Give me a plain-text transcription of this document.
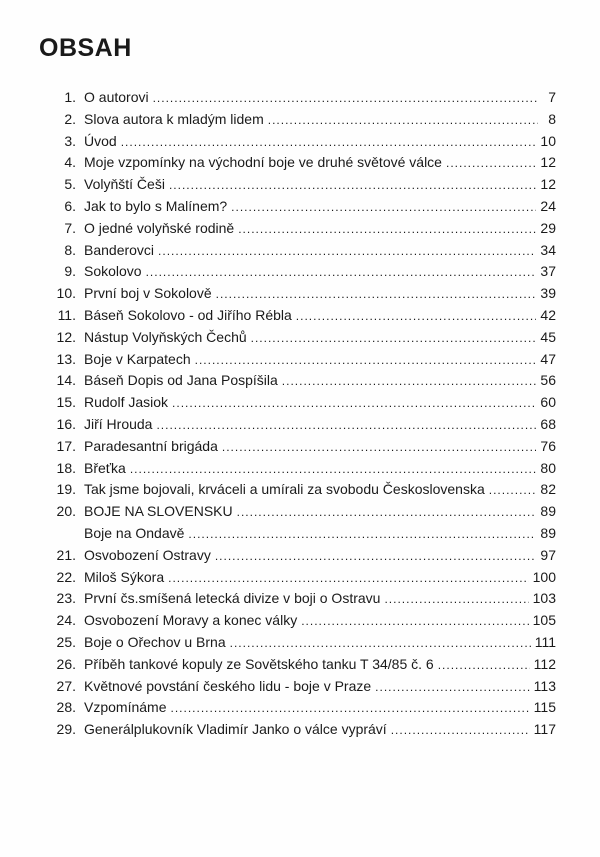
OBSAH
1. O autorovi .....	7
2. Slova autora k mladým lidem .....	8
3. Úvod .....	10
4. Moje vzpomínky na východní boje ve druhé světové válce .....	12
5. Volyňští Češi .....	12
6. Jak to bylo s Malínem? .....	24
7. O jedné volyňské rodině .....	29
8. Banderovci .....	34
9. Sokolovo .....	37
10. První boj v Sokolově .....	39
11. Báseň Sokolovo - od Jiřího Rébla .....	42
12. Nástup Volyňských Čechů .....	45
13. Boje v Karpatech .....	47
14. Báseň Dopis od Jana Pospíšila .....	56
15. Rudolf Jasiok .....	60
16. Jiří Hrouda .....	68
17. Paradesantní brigáda .....	76
18. Břeťka .....	80
19. Tak jsme bojovali, krváceli a umírali za svobodu Československa .....	82
20. BOJE NA SLOVENSKU .....	89
Boje na Ondavě .....	89
21. Osvobození Ostravy .....	97
22. Miloš Sýkora .....	100
23. První čs.smíšená letecká divize v boji o Ostravu .....	103
24. Osvobození Moravy a konec války .....	105
25. Boje o Ořechov u Brna .....	111
26. Příběh tankové kopuly ze Sovětského tanku T 34/85 č. 6 .....	112
27. Květnové povstání českého lidu - boje v Praze .....	113
28. Vzpomínáme .....	115
29. Generálplukovník Vladimír Janko o válce vypráví .....	117
